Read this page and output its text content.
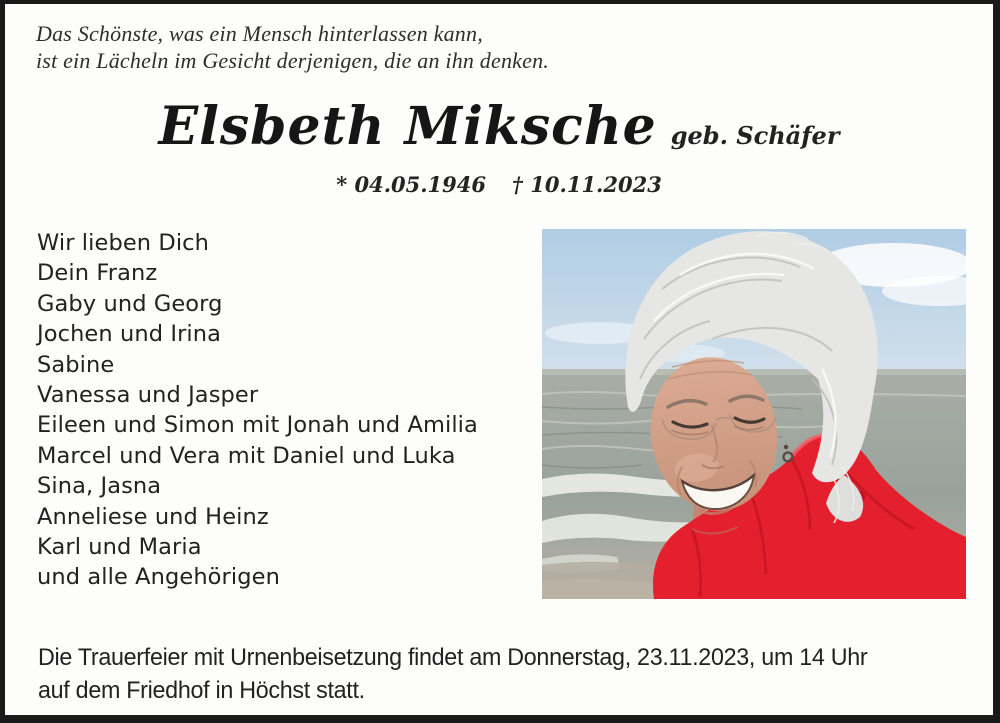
Das Schönste, was ein Mensch hinterlassen kann,
ist ein Lächeln im Gesicht derjenigen, die an ihn denken.
Elsbeth Miksche geb. Schäfer
* 04.05.1946 † 10.11.2023
Wir lieben Dich
Dein Franz
Gaby und Georg
Jochen und Irina
Sabine
Vanessa und Jasper
Eileen und Simon mit Jonah und Amilia
Marcel und Vera mit Daniel und Luka
Sina, Jasna
Anneliese und Heinz
Karl und Maria
und alle Angehörigen
Die Trauerfeier mit Urnenbeisetzung findet am Donnerstag, 23.11.2023, um 14 Uhr
auf dem Friedhof in Höchst statt.
